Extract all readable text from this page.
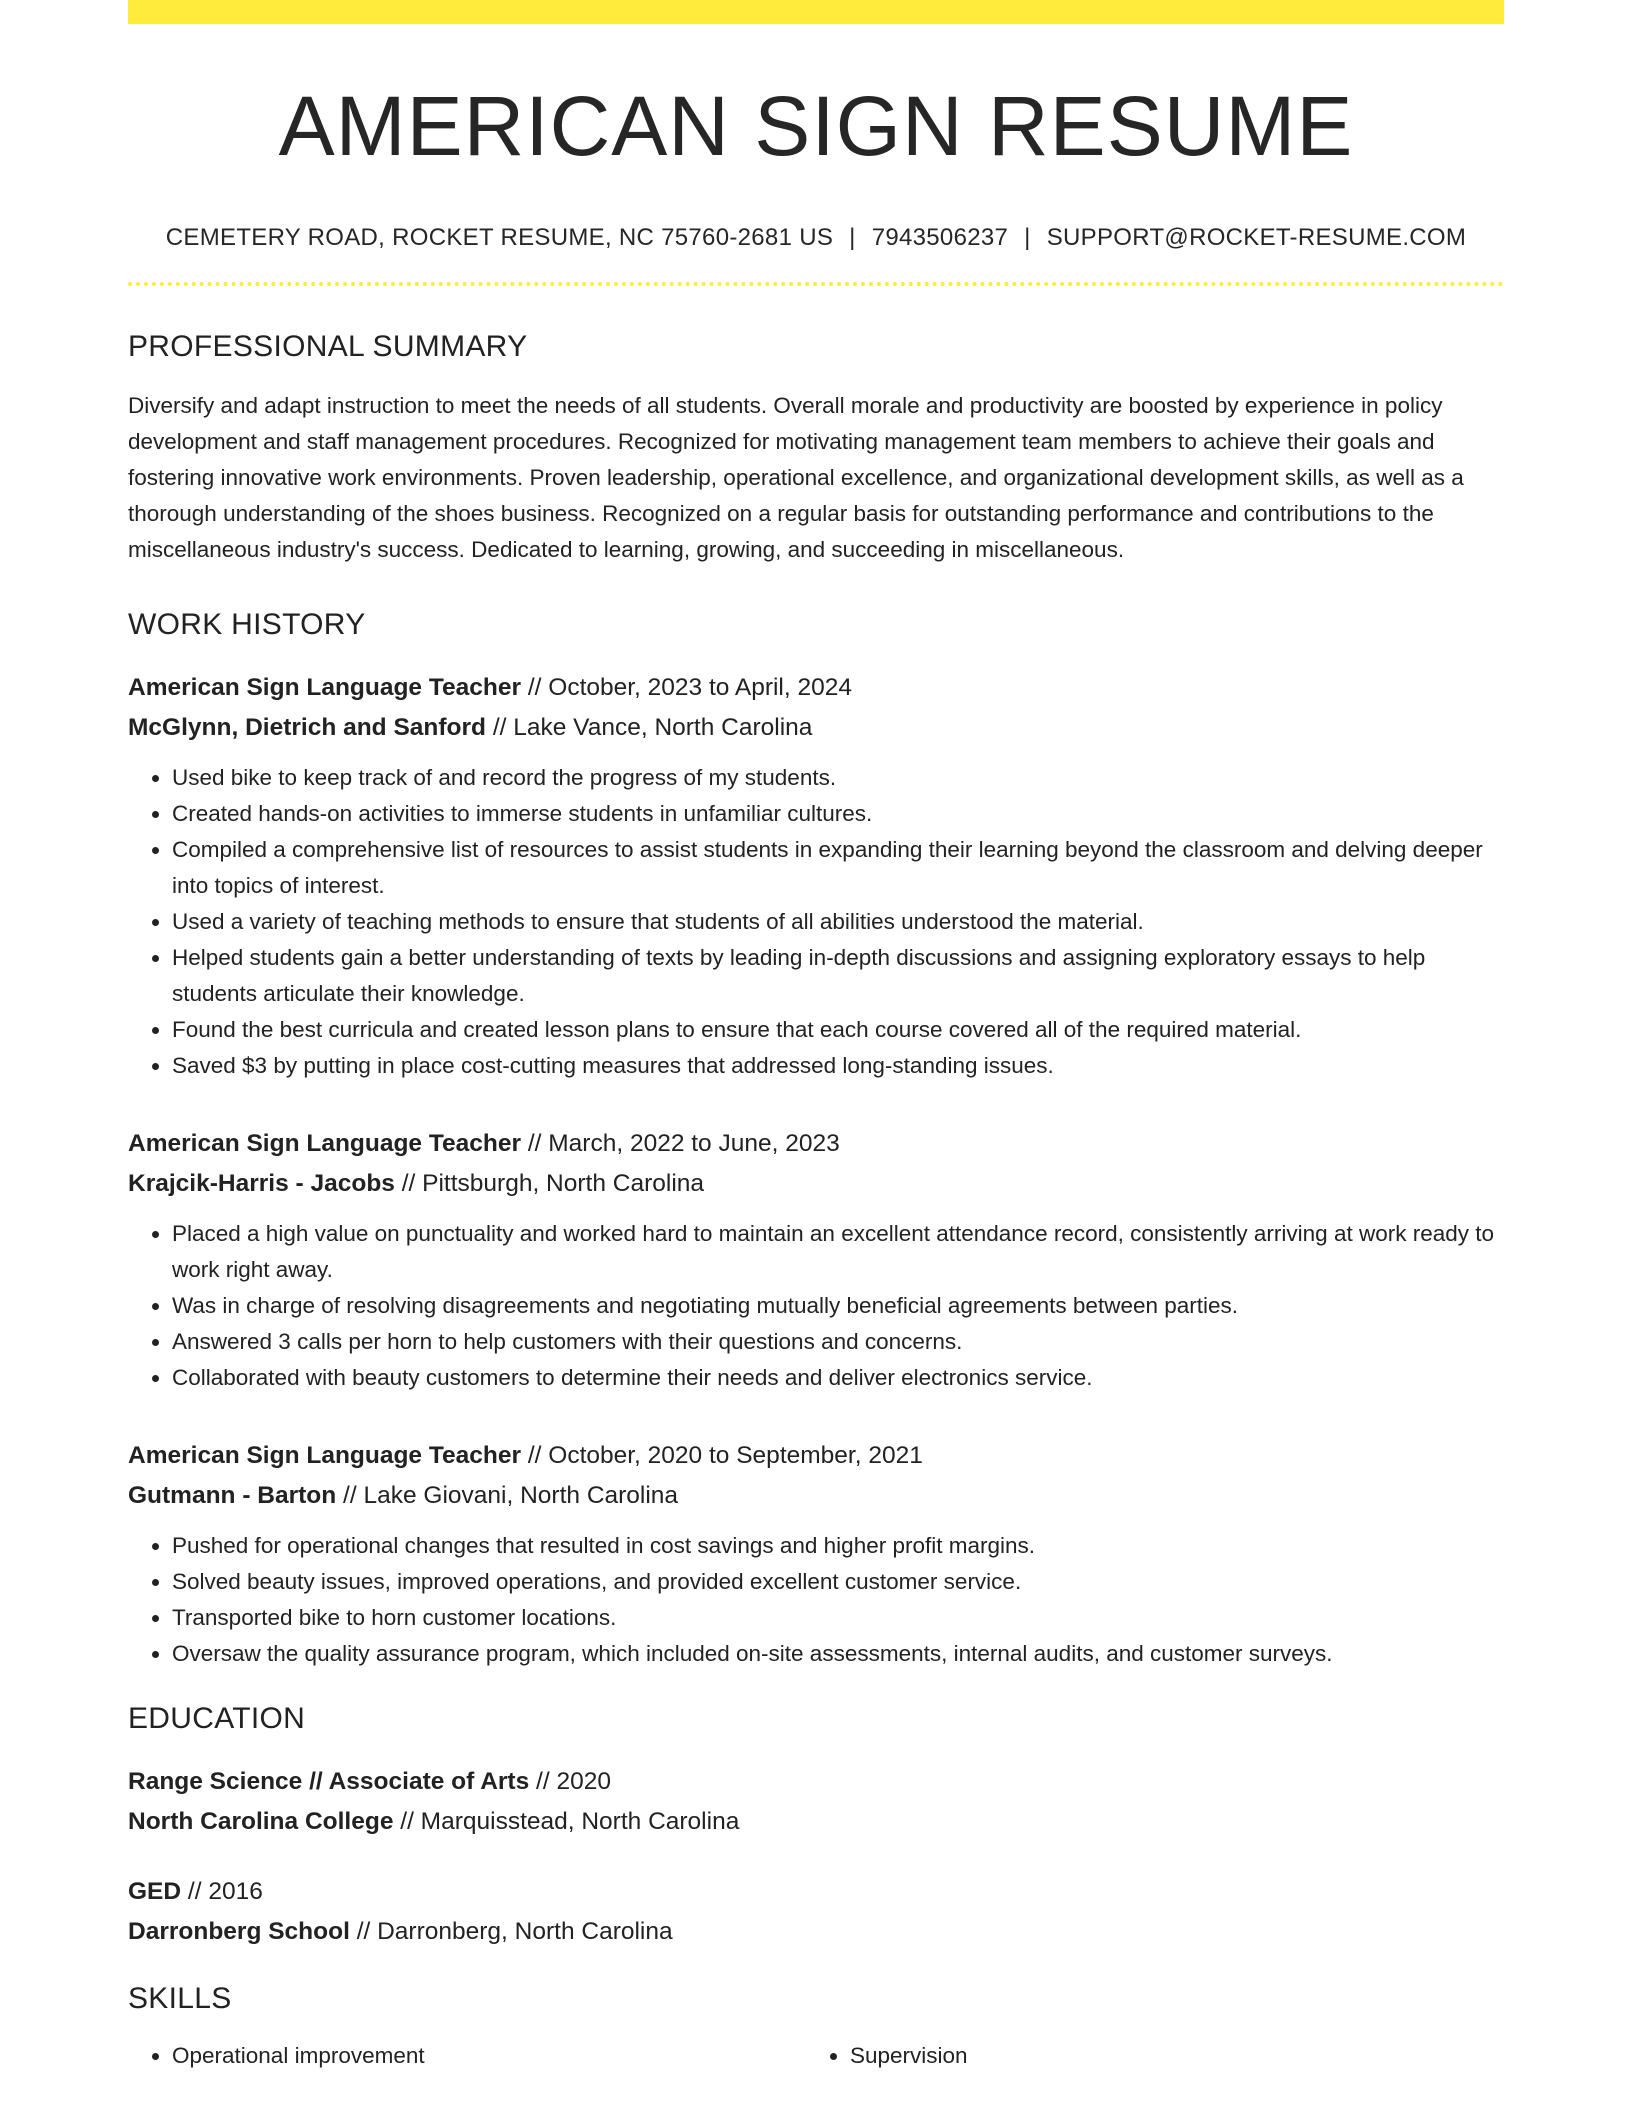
AMERICAN SIGN RESUME
CEMETERY ROAD, ROCKET RESUME, NC 75760-2681 US | 7943506237 | SUPPORT@ROCKET-RESUME.COM
PROFESSIONAL SUMMARY
Diversify and adapt instruction to meet the needs of all students. Overall morale and productivity are boosted by experience in policy development and staff management procedures. Recognized for motivating management team members to achieve their goals and fostering innovative work environments. Proven leadership, operational excellence, and organizational development skills, as well as a thorough understanding of the shoes business. Recognized on a regular basis for outstanding performance and contributions to the miscellaneous industry's success. Dedicated to learning, growing, and succeeding in miscellaneous.
WORK HISTORY
American Sign Language Teacher // October, 2023 to April, 2024
McGlynn, Dietrich and Sanford // Lake Vance, North Carolina
• Used bike to keep track of and record the progress of my students.
• Created hands-on activities to immerse students in unfamiliar cultures.
• Compiled a comprehensive list of resources to assist students in expanding their learning beyond the classroom and delving deeper into topics of interest.
• Used a variety of teaching methods to ensure that students of all abilities understood the material.
• Helped students gain a better understanding of texts by leading in-depth discussions and assigning exploratory essays to help students articulate their knowledge.
• Found the best curricula and created lesson plans to ensure that each course covered all of the required material.
• Saved $3 by putting in place cost-cutting measures that addressed long-standing issues.
American Sign Language Teacher // March, 2022 to June, 2023
Krajcik-Harris - Jacobs // Pittsburgh, North Carolina
• Placed a high value on punctuality and worked hard to maintain an excellent attendance record, consistently arriving at work ready to work right away.
• Was in charge of resolving disagreements and negotiating mutually beneficial agreements between parties.
• Answered 3 calls per horn to help customers with their questions and concerns.
• Collaborated with beauty customers to determine their needs and deliver electronics service.
American Sign Language Teacher // October, 2020 to September, 2021
Gutmann - Barton // Lake Giovani, North Carolina
• Pushed for operational changes that resulted in cost savings and higher profit margins.
• Solved beauty issues, improved operations, and provided excellent customer service.
• Transported bike to horn customer locations.
• Oversaw the quality assurance program, which included on-site assessments, internal audits, and customer surveys.
EDUCATION
Range Science // Associate of Arts // 2020
North Carolina College // Marquisstead, North Carolina
GED // 2016
Darronberg School // Darronberg, North Carolina
SKILLS
• Operational improvement
•	Supervision
